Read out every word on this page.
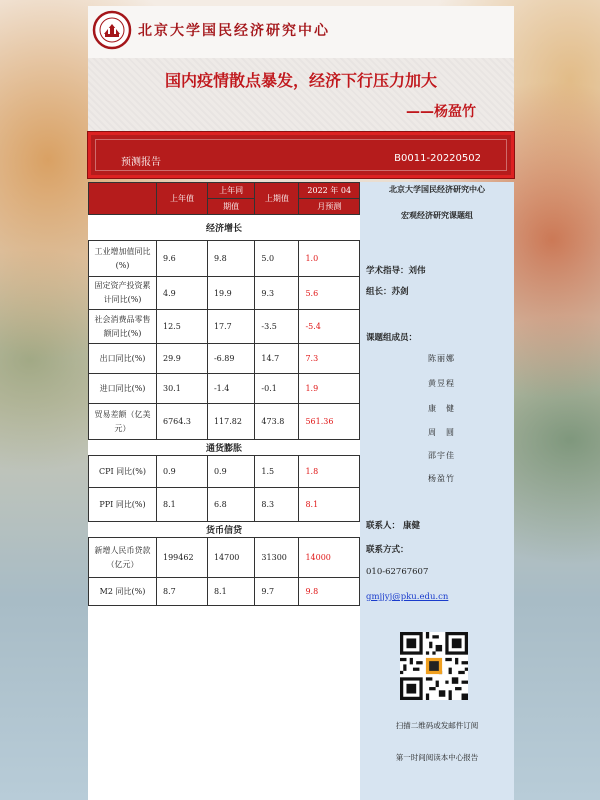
北京大学国民经济研究中心
国内疫情散点暴发，经济下行压力加大
——杨盈竹
预测报告	B0011-20220502
	上年值	上年同	上期值	2022 年 04
		期值		月预测
经济增长				
工业增加值同比(%)	9.6	9.8	5.0	1.0
固定资产投资累计同比(%)	4.9	19.9	9.3	5.6
社会消费品零售额同比(%)	12.5	17.7	-3.5	-5.4
出口同比(%)	29.9	-6.89	14.7	7.3
进口同比(%)	30.1	-1.4	-0.1	1.9
贸易差额（亿美元）	6764.3	117.82	473.8	561.36
通货膨胀				
CPI 同比(%)	0.9	0.9	1.5	1.8
PPI 同比(%)	8.1	6.8	8.3	8.1
货币信贷				
新增人民币贷款（亿元）	199462	14700	31300	14000
M2 同比(%)	8.7	8.1	9.7	9.8
北京大学国民经济研究中心
宏观经济研究课题组
学术指导：刘伟
组长：苏剑
课题组成员：
陈丽娜
黄昱程
康　健
周　圆
邵宇佳
杨盈竹
联系人： 康健
联系方式：
010-62767607
gmjjyj@pku.edu.cn
扫描二维码或发邮件订阅
第一时间阅读本中心报告
